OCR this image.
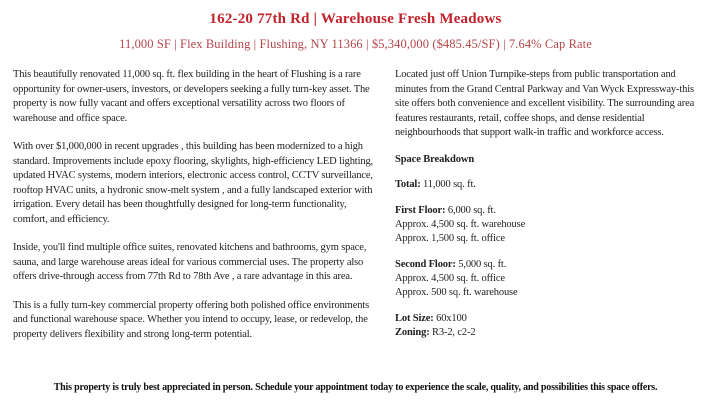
162-20 77th Rd | Warehouse Fresh Meadows
11,000 SF | Flex Building | Flushing, NY 11366 | $5,340,000 ($485.45/SF) | 7.64% Cap Rate

This beautifully renovated 11,000 sq. ft. flex building in the heart of Flushing is a rare opportunity for owner-users, investors, or developers seeking a fully turn-key asset. The property is now fully vacant and offers exceptional versatility across two floors of warehouse and office space.

With over $1,000,000 in recent upgrades , this building has been modernized to a high standard. Improvements include epoxy flooring, skylights, high-efficiency LED lighting, updated HVAC systems, modern interiors, electronic access control, CCTV surveillance, rooftop HVAC units, a hydronic snow-melt system , and a fully landscaped exterior with irrigation. Every detail has been thoughtfully designed for long-term functionality, comfort, and efficiency.

Inside, you'll find multiple office suites, renovated kitchens and bathrooms, gym space, sauna, and large warehouse areas ideal for various commercial uses. The property also offers drive-through access from 77th Rd to 78th Ave , a rare advantage in this area.

This is a fully turn-key commercial property offering both polished office environments and functional warehouse space. Whether you intend to occupy, lease, or redevelop, the property delivers flexibility and strong long-term potential.

Located just off Union Turnpike-steps from public transportation and minutes from the Grand Central Parkway and Van Wyck Expressway-this site offers both convenience and excellent visibility. The surrounding area features restaurants, retail, coffee shops, and dense residential neighbourhoods that support walk-in traffic and workforce access.

Space Breakdown
Total: 11,000 sq. ft.
First Floor: 6,000 sq. ft.
Approx. 4,500 sq. ft. warehouse
Approx. 1,500 sq. ft. office
Second Floor: 5,000 sq. ft.
Approx. 4,500 sq. ft. office
Approx. 500 sq. ft. warehouse
Lot Size: 60x100
Zoning: R3-2, c2-2
This property is truly best appreciated in person. Schedule your appointment today to experience the scale, quality, and possibilities this space offers.
